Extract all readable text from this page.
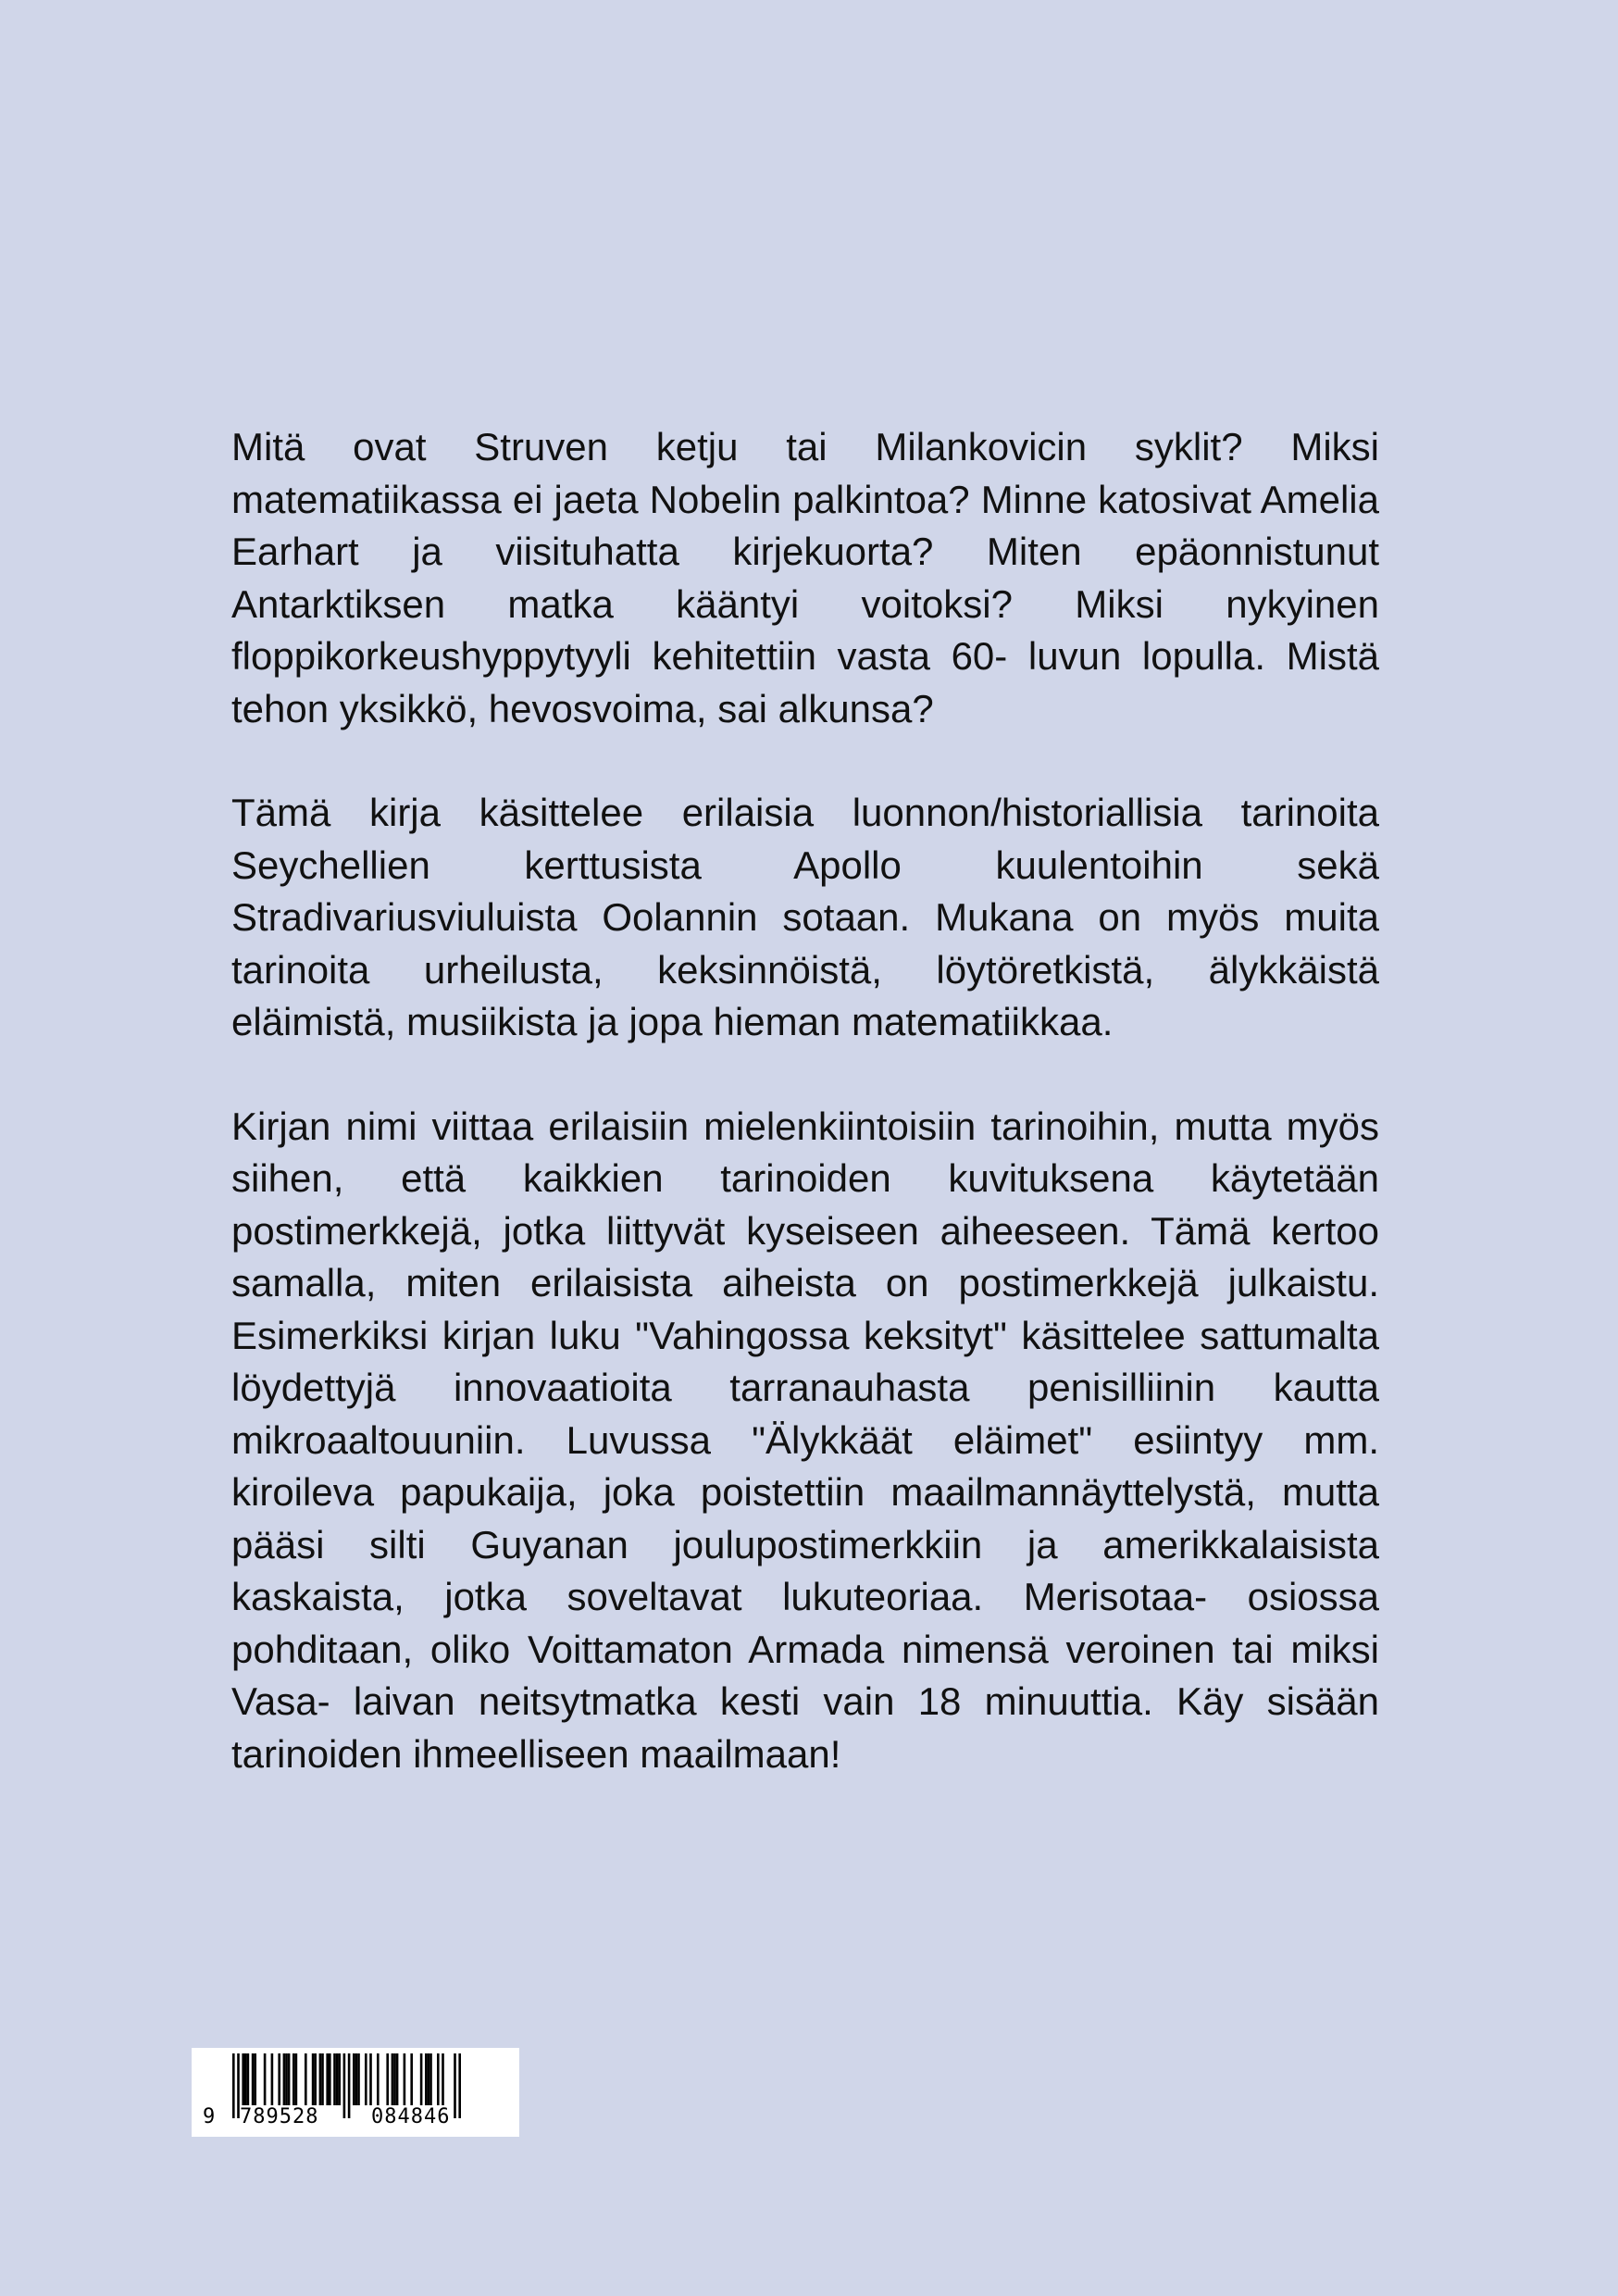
Mitä ovat Struven ketju tai Milankovicin syklit? Miksi matematiikassa ei jaeta Nobelin palkintoa? Minne katosivat Amelia Earhart ja viisituhatta kirjekuorta? Miten epäonnistunut Antarktiksen matka kääntyi voitoksi? Miksi nykyinen floppikorkeushyppytyyli kehitettiin vasta 60- luvun lopulla. Mistä tehon yksikkö, hevosvoima, sai alkunsa?

Tämä kirja käsittelee erilaisia luonnon/historiallisia tarinoita Seychellien kerttusista Apollo kuulentoihin sekä Stradivariusviuluista Oolannin sotaan. Mukana on myös muita tarinoita urheilusta, keksinnöistä, löytöretkistä, älykkäistä eläimistä, musiikista ja jopa hieman matematiikkaa.

Kirjan nimi viittaa erilaisiin mielenkiintoisiin tarinoihin, mutta myös siihen, että kaikkien tarinoiden kuvituksena käytetään postimerkkejä, jotka liittyvät kyseiseen aiheeseen. Tämä kertoo samalla, miten erilaisista aiheista on postimerkkejä julkaistu. Esimerkiksi kirjan luku "Vahingossa keksityt" käsittelee sattumalta löydettyjä innovaatioita tarranauhasta penisilliinin kautta mikroaaltouuniin. Luvussa "Älykkäät eläimet" esiintyy mm. kiroileva papukaija, joka poistettiin maailmannäyttelystä, mutta pääsi silti Guyanan joulupostimerkkiin ja amerikkalaisista kaskaista, jotka soveltavat lukuteoriaa. Merisotaa- osiossa pohditaan, oliko Voittamaton Armada nimensä veroinen tai miksi Vasa- laivan neitsytmatka kesti vain 18 minuuttia. Käy sisään tarinoiden ihmeelliseen maailmaan!

9 789528	084846
